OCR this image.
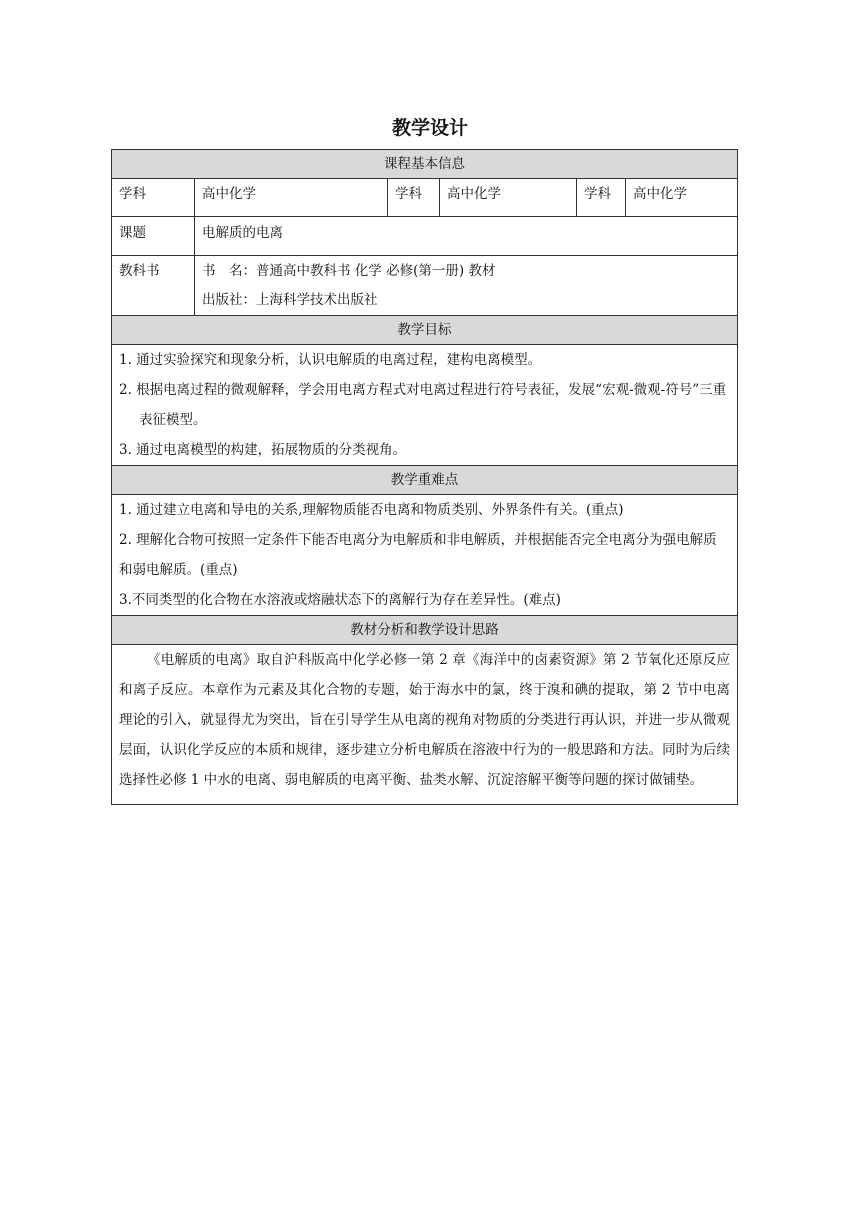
教学设计
课程基本信息					
学科	高中化学	学科	高中化学	学科	高中化学
课题	电解质的电离				
教科书	书　名：普通高中教科书 化学 必修(第一册) 教材
出版社：上海科学技术出版社				

教学目标					

1. 通过实验探究和现象分析，认识电解质的电离过程，建构电离模型。
2. 根据电离过程的微观解释，学会用电离方程式对电离过程进行符号表征，发展“宏观-微观-符号”三重表征模型。
3. 通过电离模型的构建，拓展物质的分类视角。					

教学重难点					

1. 通过建立电离和导电的关系,理解物质能否电离和物质类别、外界条件有关。(重点)
2. 理解化合物可按照一定条件下能否电离分为电解质和非电解质，并根据能否完全电离分为强电解质和弱电解质。(重点)
3.不同类型的化合物在水溶液或熔融状态下的离解行为存在差异性。(难点)					

教材分析和教学设计思路					
《电解质的电离》取自沪科版高中化学必修一第 2 章《海洋中的卤素资源》第 2 节氧化还原反应和离子反应。本章作为元素及其化合物的专题，始于海水中的氯，终于溴和碘的提取，第 2 节中电离理论的引入，就显得尤为突出，旨在引导学生从电离的视角对物质的分类进行再认识，并进一步从微观层面，认识化学反应的本质和规律，逐步建立分析电解质在溶液中行为的一般思路和方法。同时为后续选择性必修 1 中水的电离、弱电解质的电离平衡、盐类水解、沉淀溶解平衡等问题的探讨做铺垫。					
